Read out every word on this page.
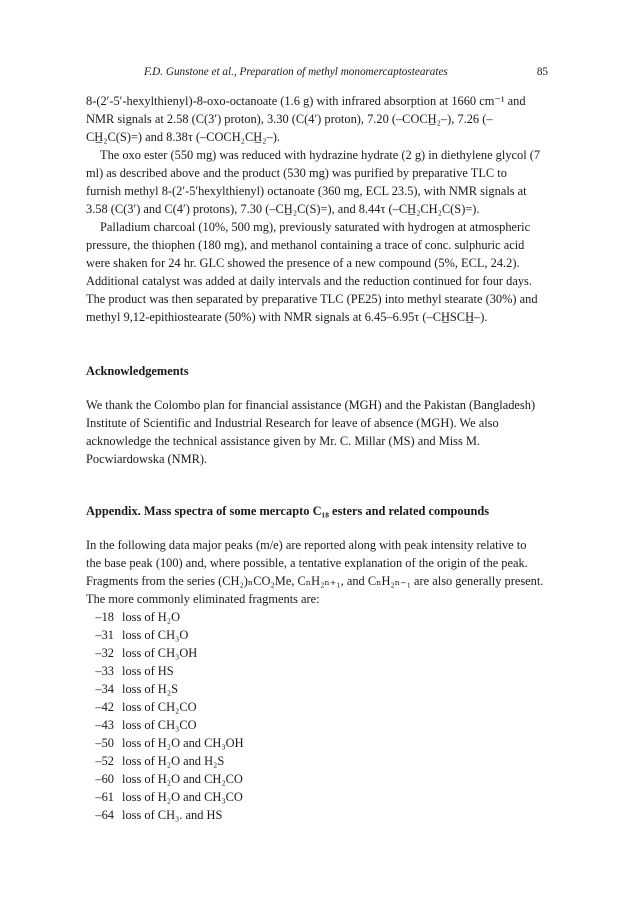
F.D. Gunstone et al., Preparation of methyl monomercaptostearates	85

8-(2′-5′-hexylthienyl)-8-oxo-octanoate (1.6 g) with infrared absorption at 1660 cm⁻¹ and NMR signals at 2.58 (C(3′) proton), 3.30 (C(4′) proton), 7.20 (–COCH̲₂–), 7.26 (–CH̲₂C(S)=) and 8.38τ (–COCH₂CH̲₂–).

The oxo ester (550 mg) was reduced with hydrazine hydrate (2 g) in diethylene glycol (7 ml) as described above and the product (530 mg) was purified by preparative TLC to furnish methyl 8-(2′-5′hexylthienyl) octanoate (360 mg, ECL 23.5), with NMR signals at 3.58 (C(3′) and C(4′) protons), 7.30 (–CH̲₂C(S)=), and 8.44τ (–CH̲₂CH₂C(S)=).

Palladium charcoal (10%, 500 mg), previously saturated with hydrogen at atmospheric pressure, the thiophen (180 mg), and methanol containing a trace of conc. sulphuric acid were shaken for 24 hr. GLC showed the presence of a new compound (5%, ECL, 24.2). Additional catalyst was added at daily intervals and the reduction continued for four days. The product was then separated by preparative TLC (PE25) into methyl stearate (30%) and methyl 9,12-epithiostearate (50%) with NMR signals at 6.45–6.95τ (–CH̲SCH̲–).

Acknowledgements

We thank the Colombo plan for financial assistance (MGH) and the Pakistan (Bangladesh) Institute of Scientific and Industrial Research for leave of absence (MGH). We also acknowledge the technical assistance given by Mr. C. Millar (MS) and Miss M. Pocwiardowska (NMR).

Appendix. Mass spectra of some mercapto C₁₈ esters and related compounds

In the following data major peaks (m/e) are reported along with peak intensity relative to the base peak (100) and, where possible, a tentative explanation of the origin of the peak. Fragments from the series (CH₂)ₙCO₂Me, CₙH₂ₙ₊₁, and CₙH₂ₙ₋₁ are also generally present. The more commonly eliminated fragments are:

–18 loss of H₂O
–31 loss of CH₃O
–32 loss of CH₃OH
–33 loss of HS
–34 loss of H₂S
–42 loss of CH₂CO
–43 loss of CH₃CO
–50 loss of H₂O and CH₃OH
–52 loss of H₂O and H₂S
–60 loss of H₂O and CH₂CO
–61 loss of H₂O and CH₃CO
–64 loss of CH₃. and HS
